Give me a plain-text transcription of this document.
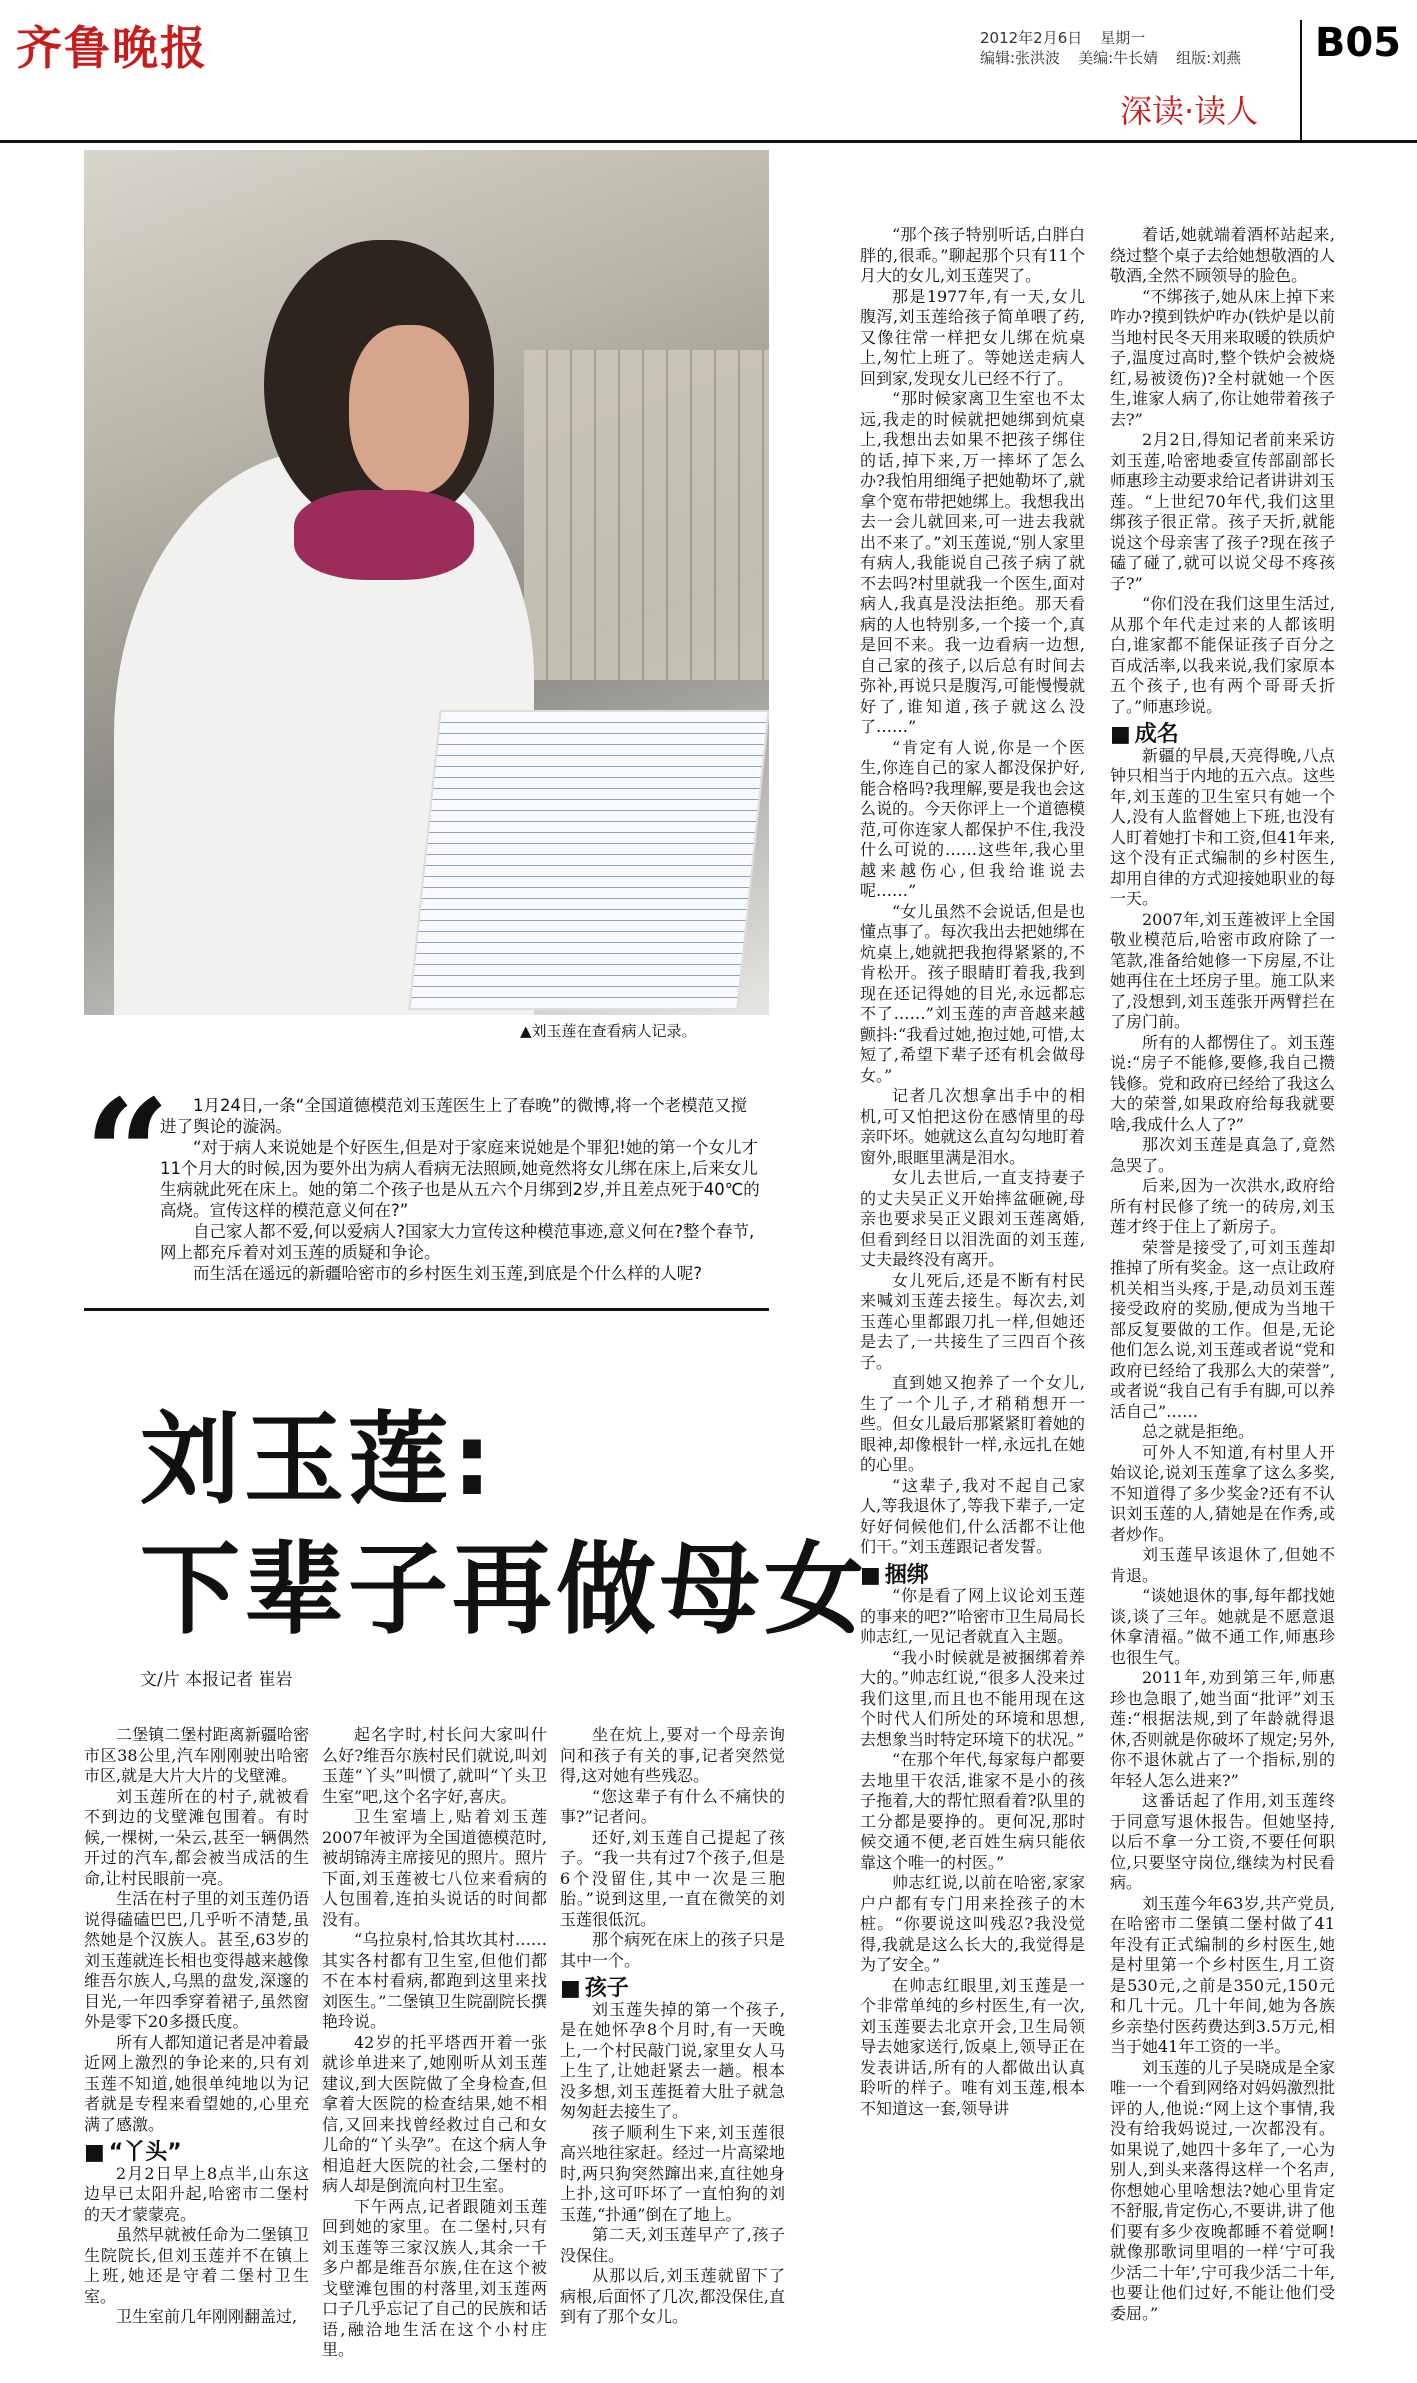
齐鲁晚报	2012年2月6日 星期一
编辑:张洪波 美编:牛长婧 组版:刘燕 B05
深读·读人
▲刘玉莲在查看病人记录。
“	1月24日,一条“全国道德模范刘玉莲医生上了春晚”的微博,将一个老模范又搅进了舆论的漩涡。

“对于病人来说她是个好医生,但是对于家庭来说她是个罪犯!她的第一个女儿才11个月大的时候,因为要外出为病人看病无法照顾,她竟然将女儿绑在床上,后来女儿生病就此死在床上。她的第二个孩子也是从五六个月绑到2岁,并且差点死于40℃的高烧。宣传这样的模范意义何在?”

自己家人都不爱,何以爱病人?国家大力宣传这种模范事迹,意义何在?整个春节,网上都充斥着对刘玉莲的质疑和争论。

而生活在遥远的新疆哈密市的乡村医生刘玉莲,到底是个什么样的人呢?

刘玉莲:
下辈子再做母女
文/片 本报记者 崔岩

二堡镇二堡村距离新疆哈密市区38公里,汽车刚刚驶出哈密市区,就是大片大片的戈壁滩。

刘玉莲所在的村子,就被看不到边的戈壁滩包围着。有时候,一棵树,一朵云,甚至一辆偶然开过的汽车,都会被当成活的生命,让村民眼前一亮。

生活在村子里的刘玉莲仍语说得磕磕巴巴,几乎听不清楚,虽然她是个汉族人。甚至,63岁的刘玉莲就连长相也变得越来越像维吾尔族人,乌黑的盘发,深邃的目光,一年四季穿着裙子,虽然窗外是零下20多摄氏度。

所有人都知道记者是冲着最近网上激烈的争论来的,只有刘玉莲不知道,她很单纯地以为记者就是专程来看望她的,心里充满了感激。

■ “丫头”

2月2日早上8点半,山东这边早已太阳升起,哈密市二堡村的天才蒙蒙亮。

虽然早就被任命为二堡镇卫生院院长,但刘玉莲并不在镇上上班,她还是守着二堡村卫生室。

卫生室前几年刚刚翻盖过,

起名字时,村长问大家叫什么好?维吾尔族村民们就说,叫刘玉莲“丫头”叫惯了,就叫“丫头卫生室”吧,这个名字好,喜庆。

卫生室墙上,贴着刘玉莲2007年被评为全国道德模范时,被胡锦涛主席接见的照片。照片下面,刘玉莲被七八位来看病的人包围着,连拍头说话的时间都没有。

“乌拉泉村,恰其坎其村……其实各村都有卫生室,但他们都不在本村看病,都跑到这里来找刘医生。”二堡镇卫生院副院长撰艳玲说。

42岁的托平塔西开着一张就诊单进来了,她刚听从刘玉莲建议,到大医院做了全身检查,但拿着大医院的检查结果,她不相信,又回来找曾经救过自己和女儿命的“丫头孕”。在这个病人争相追赶大医院的社会,二堡村的病人却是倒流向村卫生室。

下午两点,记者跟随刘玉莲回到她的家里。在二堡村,只有刘玉莲等三家汉族人,其余一千多户都是维吾尔族,住在这个被戈壁滩包围的村落里,刘玉莲两口子几乎忘记了自己的民族和话语,融洽地生活在这个小村庄里。

坐在炕上,要对一个母亲询问和孩子有关的事,记者突然觉得,这对她有些残忍。

“您这辈子有什么不痛快的事?”记者问。

还好,刘玉莲自己提起了孩子。“我一共有过7个孩子,但是6个没留住,其中一次是三胞胎。”说到这里,一直在微笑的刘玉莲很低沉。

那个病死在床上的孩子只是其中一个。

■ 孩子

刘玉莲失掉的第一个孩子,是在她怀孕8个月时,有一天晚上,一个村民敲门说,家里女人马上生了,让她赶紧去一趟。根本没多想,刘玉莲挺着大肚子就急匆匆赶去接生了。

孩子顺利生下来,刘玉莲很高兴地往家赶。经过一片高梁地时,两只狗突然蹿出来,直往她身上扑,这可吓坏了一直怕狗的刘玉莲,“扑通”倒在了地上。

第二天,刘玉莲早产了,孩子没保住。

从那以后,刘玉莲就留下了病根,后面怀了几次,都没保住,直到有了那个女儿。

“那个孩子特别听话,白胖白胖的,很乖。”聊起那个只有11个月大的女儿,刘玉莲哭了。

那是1977年,有一天,女儿腹泻,刘玉莲给孩子简单喂了药,又像往常一样把女儿绑在炕桌上,匆忙上班了。等她送走病人回到家,发现女儿已经不行了。

“那时候家离卫生室也不太远,我走的时候就把她绑到炕桌上,我想出去如果不把孩子绑住的话,掉下来,万一摔坏了怎么办?我怕用细绳子把她勒坏了,就拿个宽布带把她绑上。我想我出去一会儿就回来,可一进去我就出不来了。”刘玉莲说,“别人家里有病人,我能说自己孩子病了就不去吗?村里就我一个医生,面对病人,我真是没法拒绝。那天看病的人也特别多,一个接一个,真是回不来。我一边看病一边想,自己家的孩子,以后总有时间去弥补,再说只是腹泻,可能慢慢就好了,谁知道,孩子就这么没了……”

“肯定有人说,你是一个医生,你连自己的家人都没保护好,能合格吗?我理解,要是我也会这么说的。今天你评上一个道德模范,可你连家人都保护不住,我没什么可说的……这些年,我心里越来越伤心,但我给谁说去呢……”

“女儿虽然不会说话,但是也懂点事了。每次我出去把她绑在炕桌上,她就把我抱得紧紧的,不肯松开。孩子眼睛盯着我,我到现在还记得她的目光,永远都忘不了……”刘玉莲的声音越来越颤抖:“我看过她,抱过她,可惜,太短了,希望下辈子还有机会做母女。”

记者几次想拿出手中的相机,可又怕把这份在感情里的母亲吓坏。她就这么直勾勾地盯着窗外,眼眶里满是泪水。

女儿去世后,一直支持妻子的丈夫吴正义开始摔盆砸碗,母亲也要求吴正义跟刘玉莲离婚,但看到经日以泪洗面的刘玉莲,丈夫最终没有离开。

女儿死后,还是不断有村民来喊刘玉莲去接生。每次去,刘玉莲心里都跟刀扎一样,但她还是去了,一共接生了三四百个孩子。

直到她又抱养了一个女儿,生了一个儿子,才稍稍想开一些。但女儿最后那紧紧盯着她的眼神,却像根针一样,永远扎在她的心里。

“这辈子,我对不起自己家人,等我退休了,等我下辈子,一定好好伺候他们,什么活都不让他们干。”刘玉莲跟记者发誓。

■ 捆绑

“你是看了网上议论刘玉莲的事来的吧?”哈密市卫生局局长帅志红,一见记者就直入主题。

“我小时候就是被捆绑着养大的。”帅志红说,“很多人没来过我们这里,而且也不能用现在这个时代人们所处的环境和思想,去想象当时特定环境下的状况。”

“在那个年代,每家每户都要去地里干农活,谁家不是小的孩子拖着,大的帮忙照看着?队里的工分都是要挣的。更何况,那时候交通不便,老百姓生病只能依靠这个唯一的村医。”

帅志红说,以前在哈密,家家户户都有专门用来拴孩子的木桩。“你要说这叫残忍?我没觉得,我就是这么长大的,我觉得是为了安全。”

在帅志红眼里,刘玉莲是一个非常单纯的乡村医生,有一次,刘玉莲要去北京开会,卫生局领导去她家送行,饭桌上,领导正在发表讲话,所有的人都做出认真聆听的样子。唯有刘玉莲,根本不知道这一套,领导讲

着话,她就端着酒杯站起来,绕过整个桌子去给她想敬酒的人敬酒,全然不顾领导的脸色。

“不绑孩子,她从床上掉下来咋办?摸到铁炉咋办(铁炉是以前当地村民冬天用来取暖的铁质炉子,温度过高时,整个铁炉会被烧红,易被烫伤)?全村就她一个医生,谁家人病了,你让她带着孩子去?”

2月2日,得知记者前来采访刘玉莲,哈密地委宣传部副部长师惠珍主动要求给记者讲讲刘玉莲。“上世纪70年代,我们这里绑孩子很正常。孩子天折,就能说这个母亲害了孩子?现在孩子磕了碰了,就可以说父母不疼孩子?”

“你们没在我们这里生活过,从那个年代走过来的人都该明白,谁家都不能保证孩子百分之百成活率,以我来说,我们家原本五个孩子,也有两个哥哥夭折了。”师惠珍说。

■ 成名

新疆的早晨,天亮得晚,八点钟只相当于内地的五六点。这些年,刘玉莲的卫生室只有她一个人,没有人监督她上下班,也没有人盯着她打卡和工资,但41年来,这个没有正式编制的乡村医生,却用自律的方式迎接她职业的每一天。

2007年,刘玉莲被评上全国敬业模范后,哈密市政府除了一笔款,准备给她修一下房屋,不让她再住在土坯房子里。施工队来了,没想到,刘玉莲张开两臂拦在了房门前。

所有的人都愣住了。刘玉莲说:“房子不能修,要修,我自己攒钱修。党和政府已经给了我这么大的荣誉,如果政府给每我就要啥,我成什么人了?”

那次刘玉莲是真急了,竟然急哭了。

后来,因为一次洪水,政府给所有村民修了统一的砖房,刘玉莲才终于住上了新房子。

荣誉是接受了,可刘玉莲却推掉了所有奖金。这一点让政府机关相当头疼,于是,动员刘玉莲接受政府的奖励,便成为当地干部反复要做的工作。但是,无论他们怎么说,刘玉莲或者说“党和政府已经给了我那么大的荣誉”,或者说“我自己有手有脚,可以养活自己”……

总之就是拒绝。

可外人不知道,有村里人开始议论,说刘玉莲拿了这么多奖,不知道得了多少奖金?还有不认识刘玉莲的人,猜她是在作秀,或者炒作。

刘玉莲早该退休了,但她不肯退。

“谈她退休的事,每年都找她谈,谈了三年。她就是不愿意退休拿清福。”做不通工作,师惠珍也很生气。

2011年,劝到第三年,师惠珍也急眼了,她当面“批评”刘玉莲:“根据法规,到了年龄就得退休,否则就是你破坏了规定;另外,你不退休就占了一个指标,别的年轻人怎么进来?”

这番话起了作用,刘玉莲终于同意写退休报告。但她坚持,以后不拿一分工资,不要任何职位,只要坚守岗位,继续为村民看病。

刘玉莲今年63岁,共产党员,在哈密市二堡镇二堡村做了41年没有正式编制的乡村医生,她是村里第一个乡村医生,月工资是530元,之前是350元,150元和几十元。几十年间,她为各族乡亲垫付医药费达到3.5万元,相当于她41年工资的一半。

刘玉莲的儿子吴晓成是全家唯一一个看到网络对妈妈激烈批评的人,他说:“网上这个事情,我没有给我妈说过,一次都没有。如果说了,她四十多年了,一心为别人,到头来落得这样一个名声,你想她心里啥想法?她心里肯定不舒服,肯定伤心,不要讲,讲了他们要有多少夜晚都睡不着觉啊!就像那歌词里唱的一样‘宁可我少活二十年’,宁可我少活二十年,也要让他们过好,不能让他们受委屈。”
